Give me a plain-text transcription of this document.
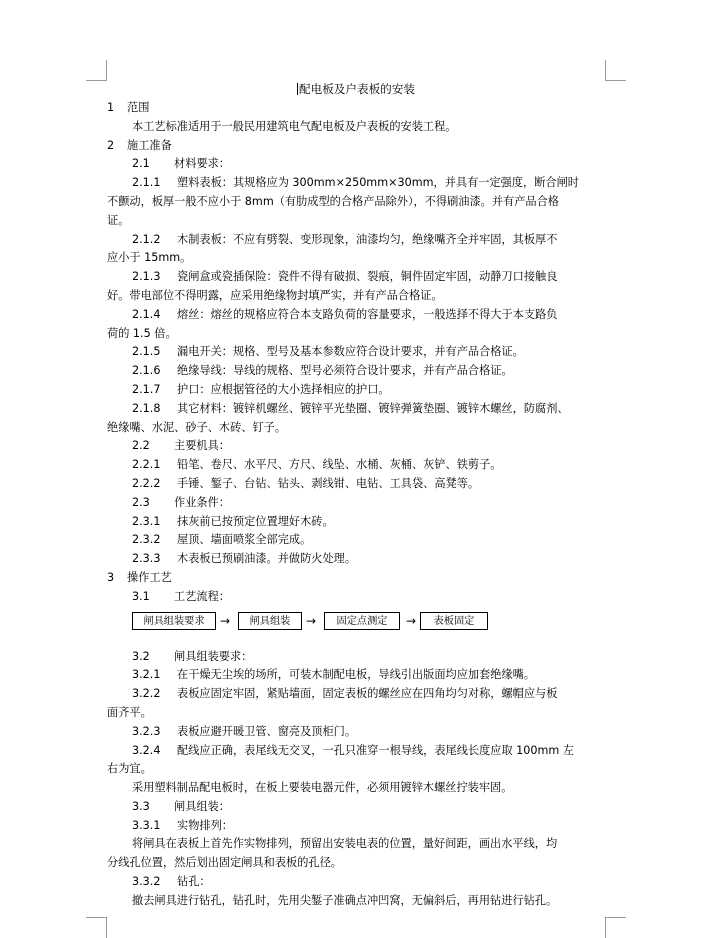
配电板及户表板的安装
1 范围
本工艺标准适用于一般民用建筑电气配电板及户表板的安装工程。
2 施工准备
2.1 材料要求：
2.1.1 塑料表板：其规格应为 300mm×250mm×30mm，并具有一定强度，断合闸时
不颤动，板厚一般不应小于 8mm（有肋成型的合格产品除外），不得刷油漆。并有产品合格
证。
2.1.2 木制表板：不应有劈裂、变形现象，油漆均匀，绝缘嘴齐全并牢固，其板厚不
应小于 15mm。
2.1.3 瓷闸盒或瓷插保险：瓷件不得有破损、裂痕，铜件固定牢固，动静刀口接触良
好。带电部位不得明露，应采用绝缘物封填严实，并有产品合格证。
2.1.4 熔丝：熔丝的规格应符合本支路负荷的容量要求，一般选择不得大于本支路负
荷的 1.5 倍。
2.1.5 漏电开关：规格、型号及基本参数应符合设计要求，并有产品合格证。
2.1.6 绝缘导线：导线的规格、型号必须符合设计要求，并有产品合格证。
2.1.7 护口：应根据管径的大小选择相应的护口。
2.1.8 其它材料：镀锌机螺丝、镀锌平光垫圈、镀锌弹簧垫圈、镀锌木螺丝，防腐剂、
绝缘嘴、水泥、砂子、木砖、钉子。
2.2 主要机具：
2.2.1 铅笔、卷尺、水平尺、方尺、线坠、水桶、灰桶、灰铲、铁剪子。
2.2.2 手锤、錾子、台钻、钻头、剥线钳、电钻、工具袋、高凳等。
2.3 作业条件：
2.3.1 抹灰前已按预定位置埋好木砖。
2.3.2 屋顶、墙面喷浆全部完成。
2.3.3 木表板已预刷油漆。并做防火处理。
3 操作工艺
3.1 工艺流程：
闸具组装要求	→	闸具组装	→	固定点测定	→	表板固定
3.2 闸具组装要求：
3.2.1 在干燥无尘埃的场所，可装木制配电板，导线引出版面均应加套绝缘嘴。
3.2.2 表板应固定牢固，紧贴墙面，固定表板的螺丝应在四角均匀对称，螺帽应与板
面齐平。
3.2.3 表板应避开暖卫管、窗亮及顶柜门。
3.2.4 配线应正确，表尾线无交叉，一孔只准穿一根导线，表尾线长度应取 100mm 左
右为宜。
采用塑料制品配电板时，在板上要装电器元件，必须用镀锌木螺丝拧装牢固。
3.3 闸具组装：
3.3.1 实物排列：
将闸具在表板上首先作实物排列，预留出安装电表的位置，量好间距，画出水平线，均
分线孔位置，然后划出固定闸具和表板的孔径。
3.3.2 钻孔：
撤去闸具进行钻孔，钻孔时，先用尖錾子准确点冲凹窝，无偏斜后，再用钻进行钻孔。
